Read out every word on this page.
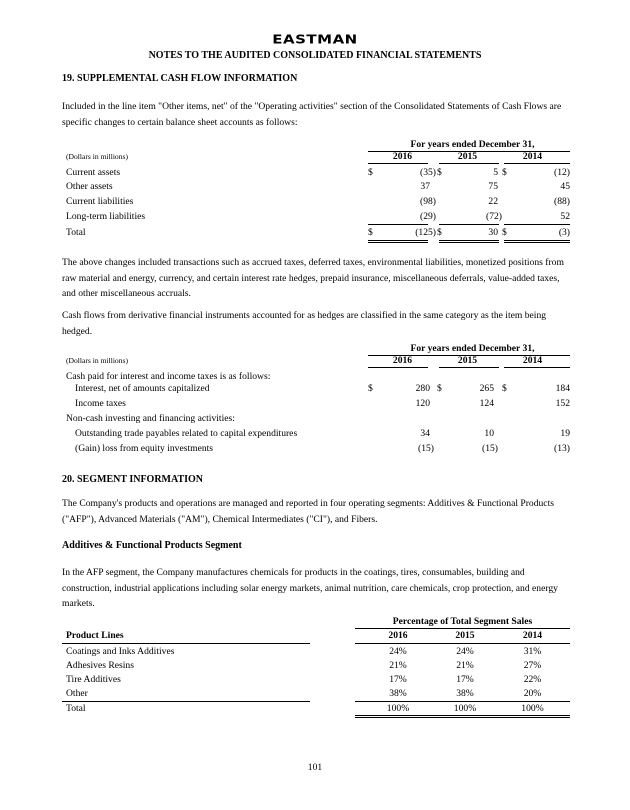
EASTMAN
NOTES TO THE AUDITED CONSOLIDATED FINANCIAL STATEMENTS
19. SUPPLEMENTAL CASH FLOW INFORMATION
Included in the line item "Other items, net" of the "Operating activities" section of the Consolidated Statements of Cash Flows are specific changes to certain balance sheet accounts as follows:
For years ended December 31,
(Dollars in millions)	2016	2015	2014
Current assets	$	(35) $	5 $	(12)
Other assets	37	75	45
Current liabilities	(98)	22	(88)
Long-term liabilities	(29)	(72)	52
Total	$	(125) $	30 $	(3)
The above changes included transactions such as accrued taxes, deferred taxes, environmental liabilities, monetized positions from raw material and energy, currency, and certain interest rate hedges, prepaid insurance, miscellaneous deferrals, value-added taxes, and other miscellaneous accruals.
Cash flows from derivative financial instruments accounted for as hedges are classified in the same category as the item being hedged.
For years ended December 31,
(Dollars in millions)	2016	2015	2014
Cash paid for interest and income taxes is as follows:
Interest, net of amounts capitalized	$	280 $	265 $	184
Income taxes	120	124	152
Non-cash investing and financing activities:
Outstanding trade payables related to capital expenditures	34	10	19
(Gain) loss from equity investments	(15)	(15)	(13)
20. SEGMENT INFORMATION
The Company's products and operations are managed and reported in four operating segments: Additives & Functional Products ("AFP"), Advanced Materials ("AM"), Chemical Intermediates ("CI"), and Fibers.
Additives & Functional Products Segment
In the AFP segment, the Company manufactures chemicals for products in the coatings, tires, consumables, building and construction, industrial applications including solar energy markets, animal nutrition, care chemicals, crop protection, and energy markets.
Percentage of Total Segment Sales
Product Lines	2016	2015	2014
Coatings and Inks Additives	24%	24%	31%
Adhesives Resins	21%	21%	27%
Tire Additives	17%	17%	22%
Other	38%	38%	20%
Total	100%	100%	100%
101
